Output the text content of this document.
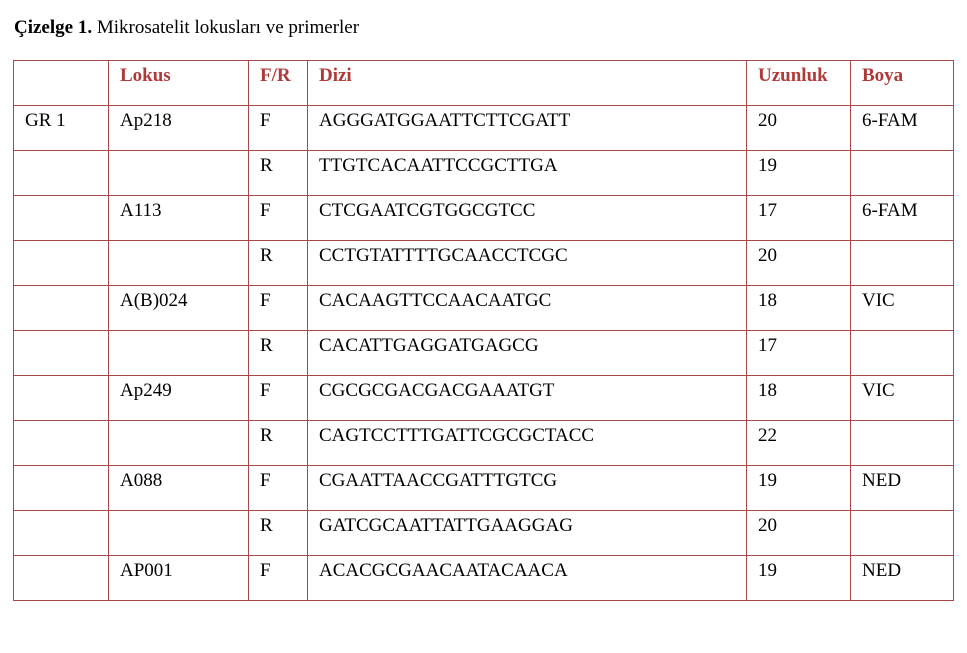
Çizelge 1. Mikrosatelit lokusları ve primerler

	Lokus	F/R	Dizi	Uzunluk	Boya

GR 1	Ap218	F	AGGGATGGAATTCTTCGATT	20	6-FAM

		R	TTGTCACAATTCCGCTTGA	19	

	A113	F	CTCGAATCGTGGCGTCC	17	6-FAM

		R	CCTGTATTTTGCAACCTCGC	20	

	A(B)024	F	CACAAGTTCCAACAATGC	18	VIC

		R	CACATTGAGGATGAGCG	17	

	Ap249	F	CGCGCGACGACGAAATGT	18	VIC

		R	CAGTCCTTTGATTCGCGCTACC	22	

	A088	F	CGAATTAACCGATTTGTCG	19	NED

		R	GATCGCAATTATTGAAGGAG	20	

	AP001	F	ACACGCGAACAATACAACA	19	NED
